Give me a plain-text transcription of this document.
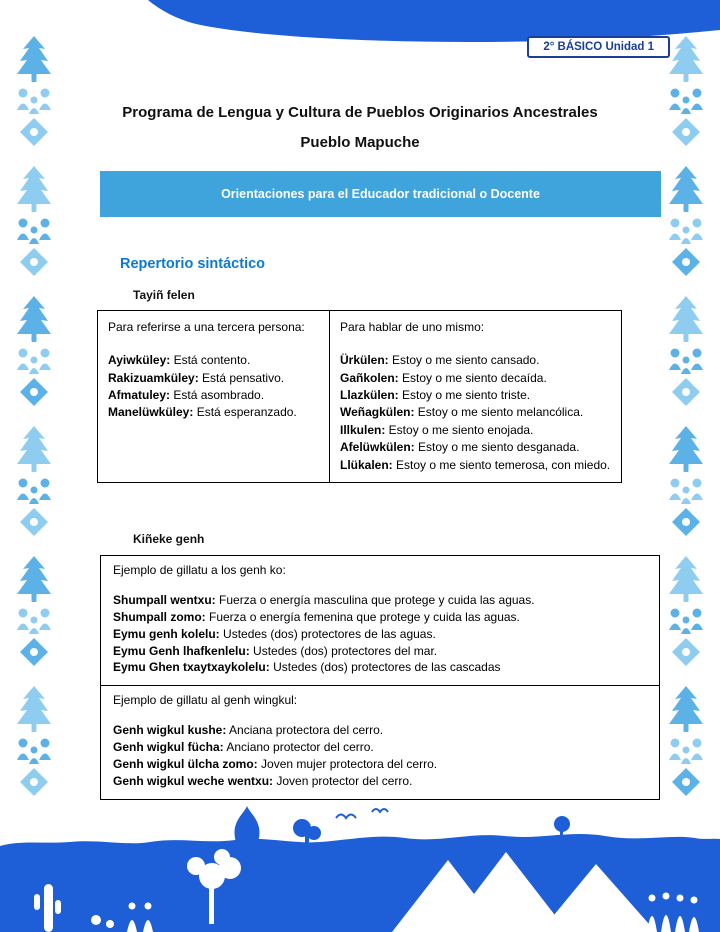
2° BÁSICO Unidad 1
Programa de Lengua y Cultura de Pueblos Originarios Ancestrales
Pueblo Mapuche
Orientaciones para el Educador tradicional o Docente
Repertorio sintáctico

Tayiñ felen

Para referirse a una tercera persona:

Ayiwküley: Está contento.

Rakizuamküley: Está pensativo.

Afmatuley: Está asombrado.

Manelüwküley: Está esperanzado.

Para hablar de uno mismo:

Ürkülen: Estoy o me siento cansado.

Gañkolen: Estoy o me siento decaída.

Llazkülen: Estoy o me siento triste.

Weñagkülen: Estoy o me siento melancólica.

Illkulen: Estoy o me siento enojada.

Afelüwkülen: Estoy o me siento desganada.

Llükalen: Estoy o me siento temerosa, con miedo.

Kiñeke genh

Ejemplo de gillatu a los genh ko:

Shumpall wentxu: Fuerza o energía masculina que protege y cuida las aguas.

Shumpall zomo: Fuerza o energía femenina que protege y cuida las aguas.

Eymu genh kolelu: Ustedes (dos) protectores de las aguas.

Eymu Genh lhafkenlelu: Ustedes (dos) protectores del mar.

Eymu Ghen txaytxaykolelu: Ustedes (dos) protectores de las cascadas

Ejemplo de gillatu al genh wingkul:

Genh wigkul kushe: Anciana protectora del cerro.

Genh wigkul fücha: Anciano protector del cerro.

Genh wigkul ülcha zomo: Joven mujer protectora del cerro.

Genh wigkul weche wentxu: Joven protector del cerro.
